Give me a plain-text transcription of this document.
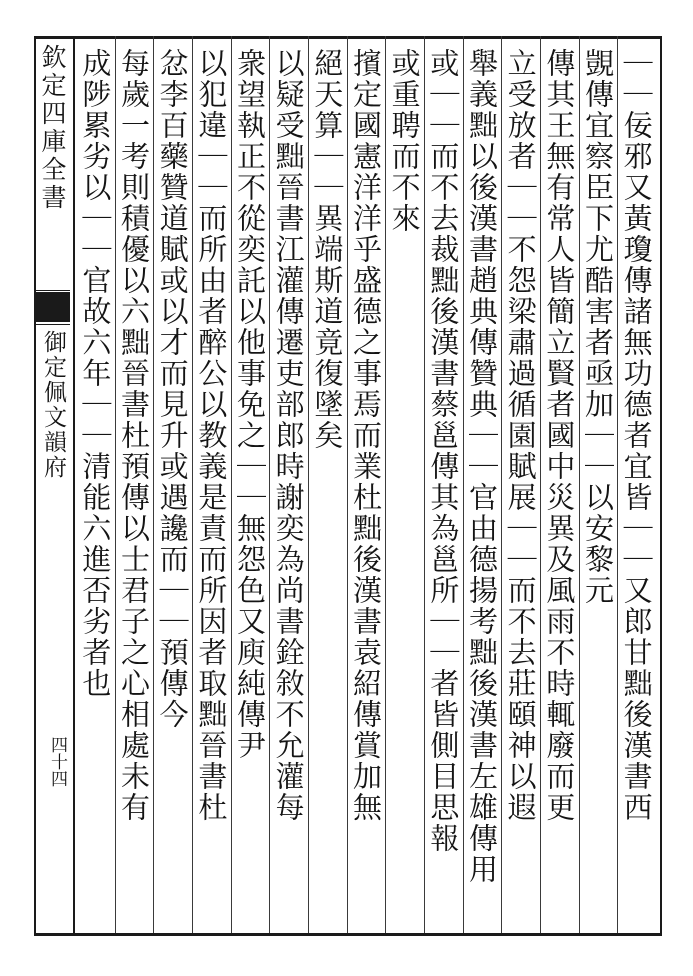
欽定四庫全書
御定佩文韻府
四十四	｜｜佞邪又黃瓊傳諸無功德者宜皆｜｜又郎甘黜後漢書西
覬傳宜察臣下尤酷害者亟加｜｜以安黎元
傳其王無有常人皆簡立賢者國中災異及風雨不時輒廢而更
立受放者｜｜不怨梁肅過循園賦展｜｜而不去莊頤神以遐
舉義黜以後漢書趙典傳贊典｜｜官由德揚考黜後漢書左雄傳用
或｜｜而不去裁黜後漢書蔡邕傳其為邕所｜｜者皆側目思報
或重聘而不來
擯定國憲洋洋乎盛德之事焉而業杜黜後漢書袁紹傳賞加無
絕天算｜｜異端斯道竟復墜矣
以疑受黜晉書江灌傳遷吏部郎時謝奕為尚書銓敘不允灌每
衆望執正不從奕託以他事免之｜｜無怨色又庾純傳尹
以犯違｜｜而所由者醉公以教義是責而所因者取黜晉書杜
忿李百藥贊道賦或以才而見升或遇讒而｜｜預傳今
每歲一考則積優以六黜晉書杜預傳以士君子之心相處未有
成陟累劣以｜｜官故六年｜｜清能六進否劣者也
